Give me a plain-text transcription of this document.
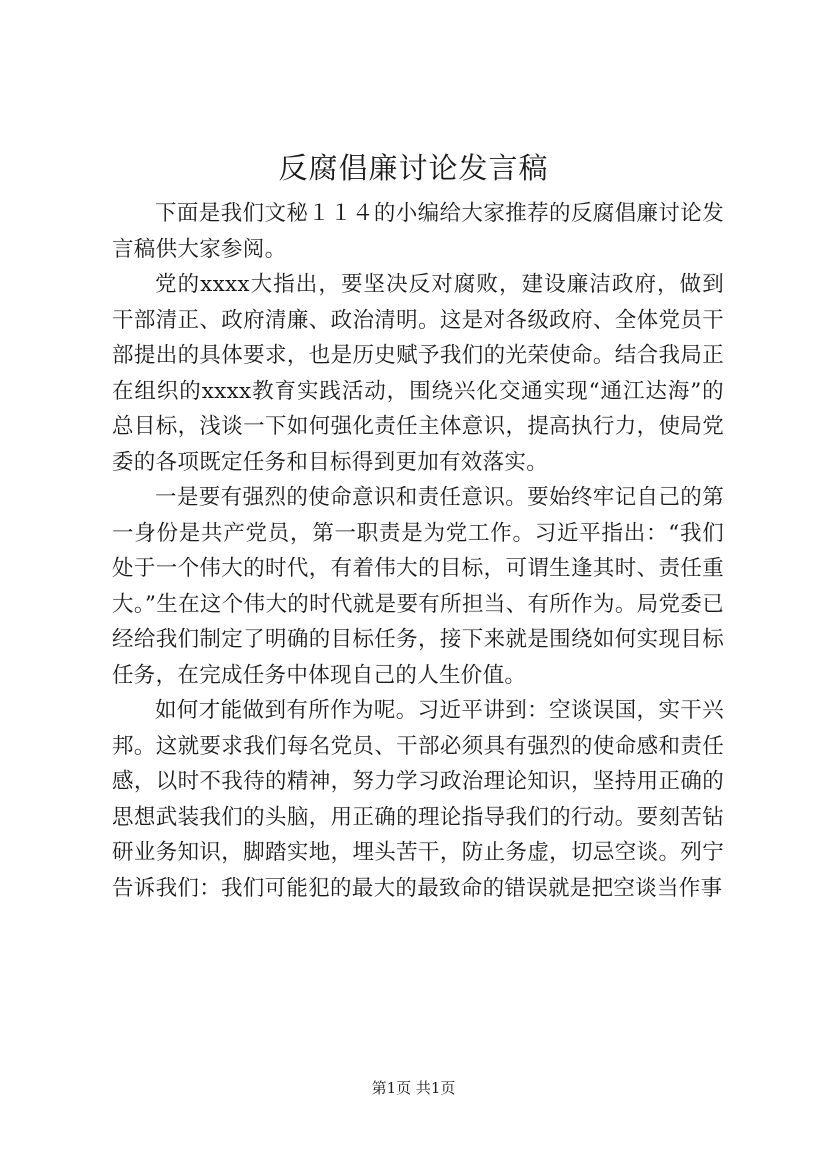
反腐倡廉讨论发言稿

下面是我们文秘１１４的小编给大家推荐的反腐倡廉讨论发言稿供大家参阅。

党的xxxx大指出，要坚决反对腐败，建设廉洁政府，做到干部清正、政府清廉、政治清明。这是对各级政府、全体党员干部提出的具体要求，也是历史赋予我们的光荣使命。结合我局正在组织的xxxx教育实践活动，围绕兴化交通实现“通江达海”的总目标，浅谈一下如何强化责任主体意识，提高执行力，使局党委的各项既定任务和目标得到更加有效落实。

一是要有强烈的使命意识和责任意识。要始终牢记自己的第一身份是共产党员，第一职责是为党工作。习近平指出：“我们处于一个伟大的时代，有着伟大的目标，可谓生逢其时、责任重大。”生在这个伟大的时代就是要有所担当、有所作为。局党委已经给我们制定了明确的目标任务，接下来就是围绕如何实现目标任务，在完成任务中体现自己的人生价值。

如何才能做到有所作为呢。习近平讲到：空谈误国，实干兴邦。这就要求我们每名党员、干部必须具有强烈的使命感和责任感，以时不我待的精神，努力学习政治理论知识，坚持用正确的思想武装我们的头脑，用正确的理论指导我们的行动。要刻苦钻研业务知识，脚踏实地，埋头苦干，防止务虚，切忌空谈。列宁告诉我们：我们可能犯的最大的最致命的错误就是把空谈当作事

第1页 共1页
